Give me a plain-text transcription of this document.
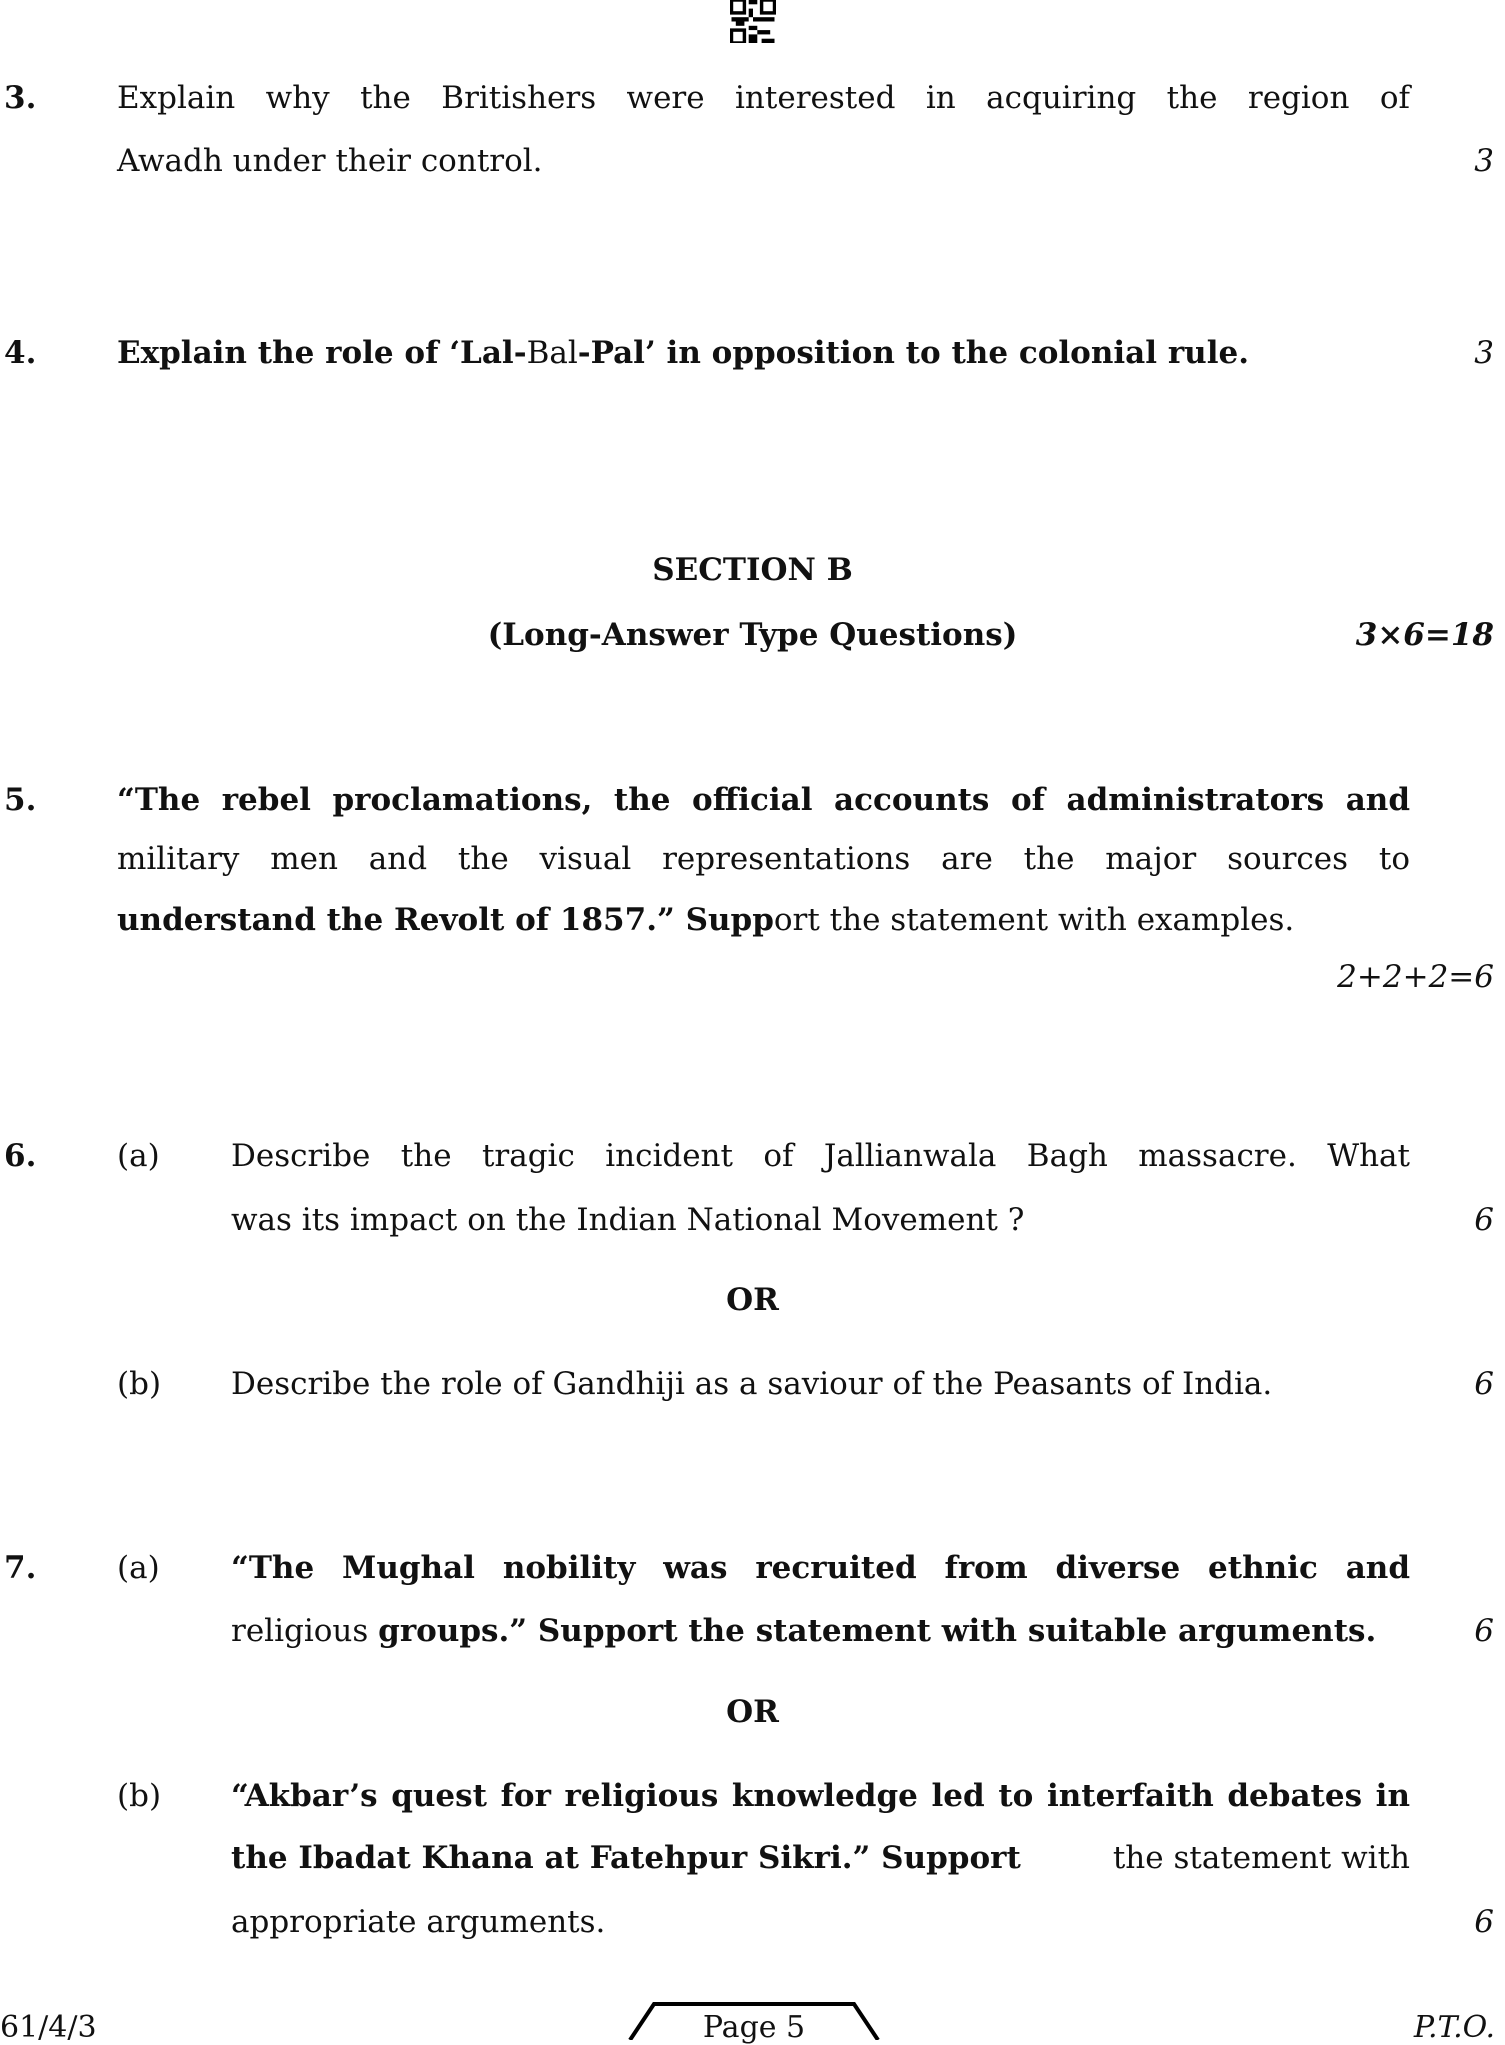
3.	Explain why the Britishers were interested in acquiring the region of
Awadh under their control.	3
4.	Explain the role of ‘Lal-Bal-Pal’ in opposition to the colonial rule.	3
SECTION B
(Long-Answer Type Questions)	3×6=18
5.	“The rebel proclamations, the official accounts of administrators and
military men and the visual representations are the major sources to
understand the Revolt of 1857.” Support the statement with examples.
2+2+2=6
6.	(a) Describe the tragic incident of Jallianwala Bagh massacre. What
was its impact on the Indian National Movement ?	6
OR
(b) Describe the role of Gandhiji as a saviour of the Peasants of India.	6
7.	(a) “The Mughal nobility was recruited from diverse ethnic and
religious groups.” Support the statement with suitable arguments.	6
OR
(b) “Akbar’s quest for religious knowledge led to interfaith debates in
the Ibadat Khana at Fatehpur Sikri.” Support	the statement with
appropriate arguments.	6
61/4/3	Page 5	P.T.O.
